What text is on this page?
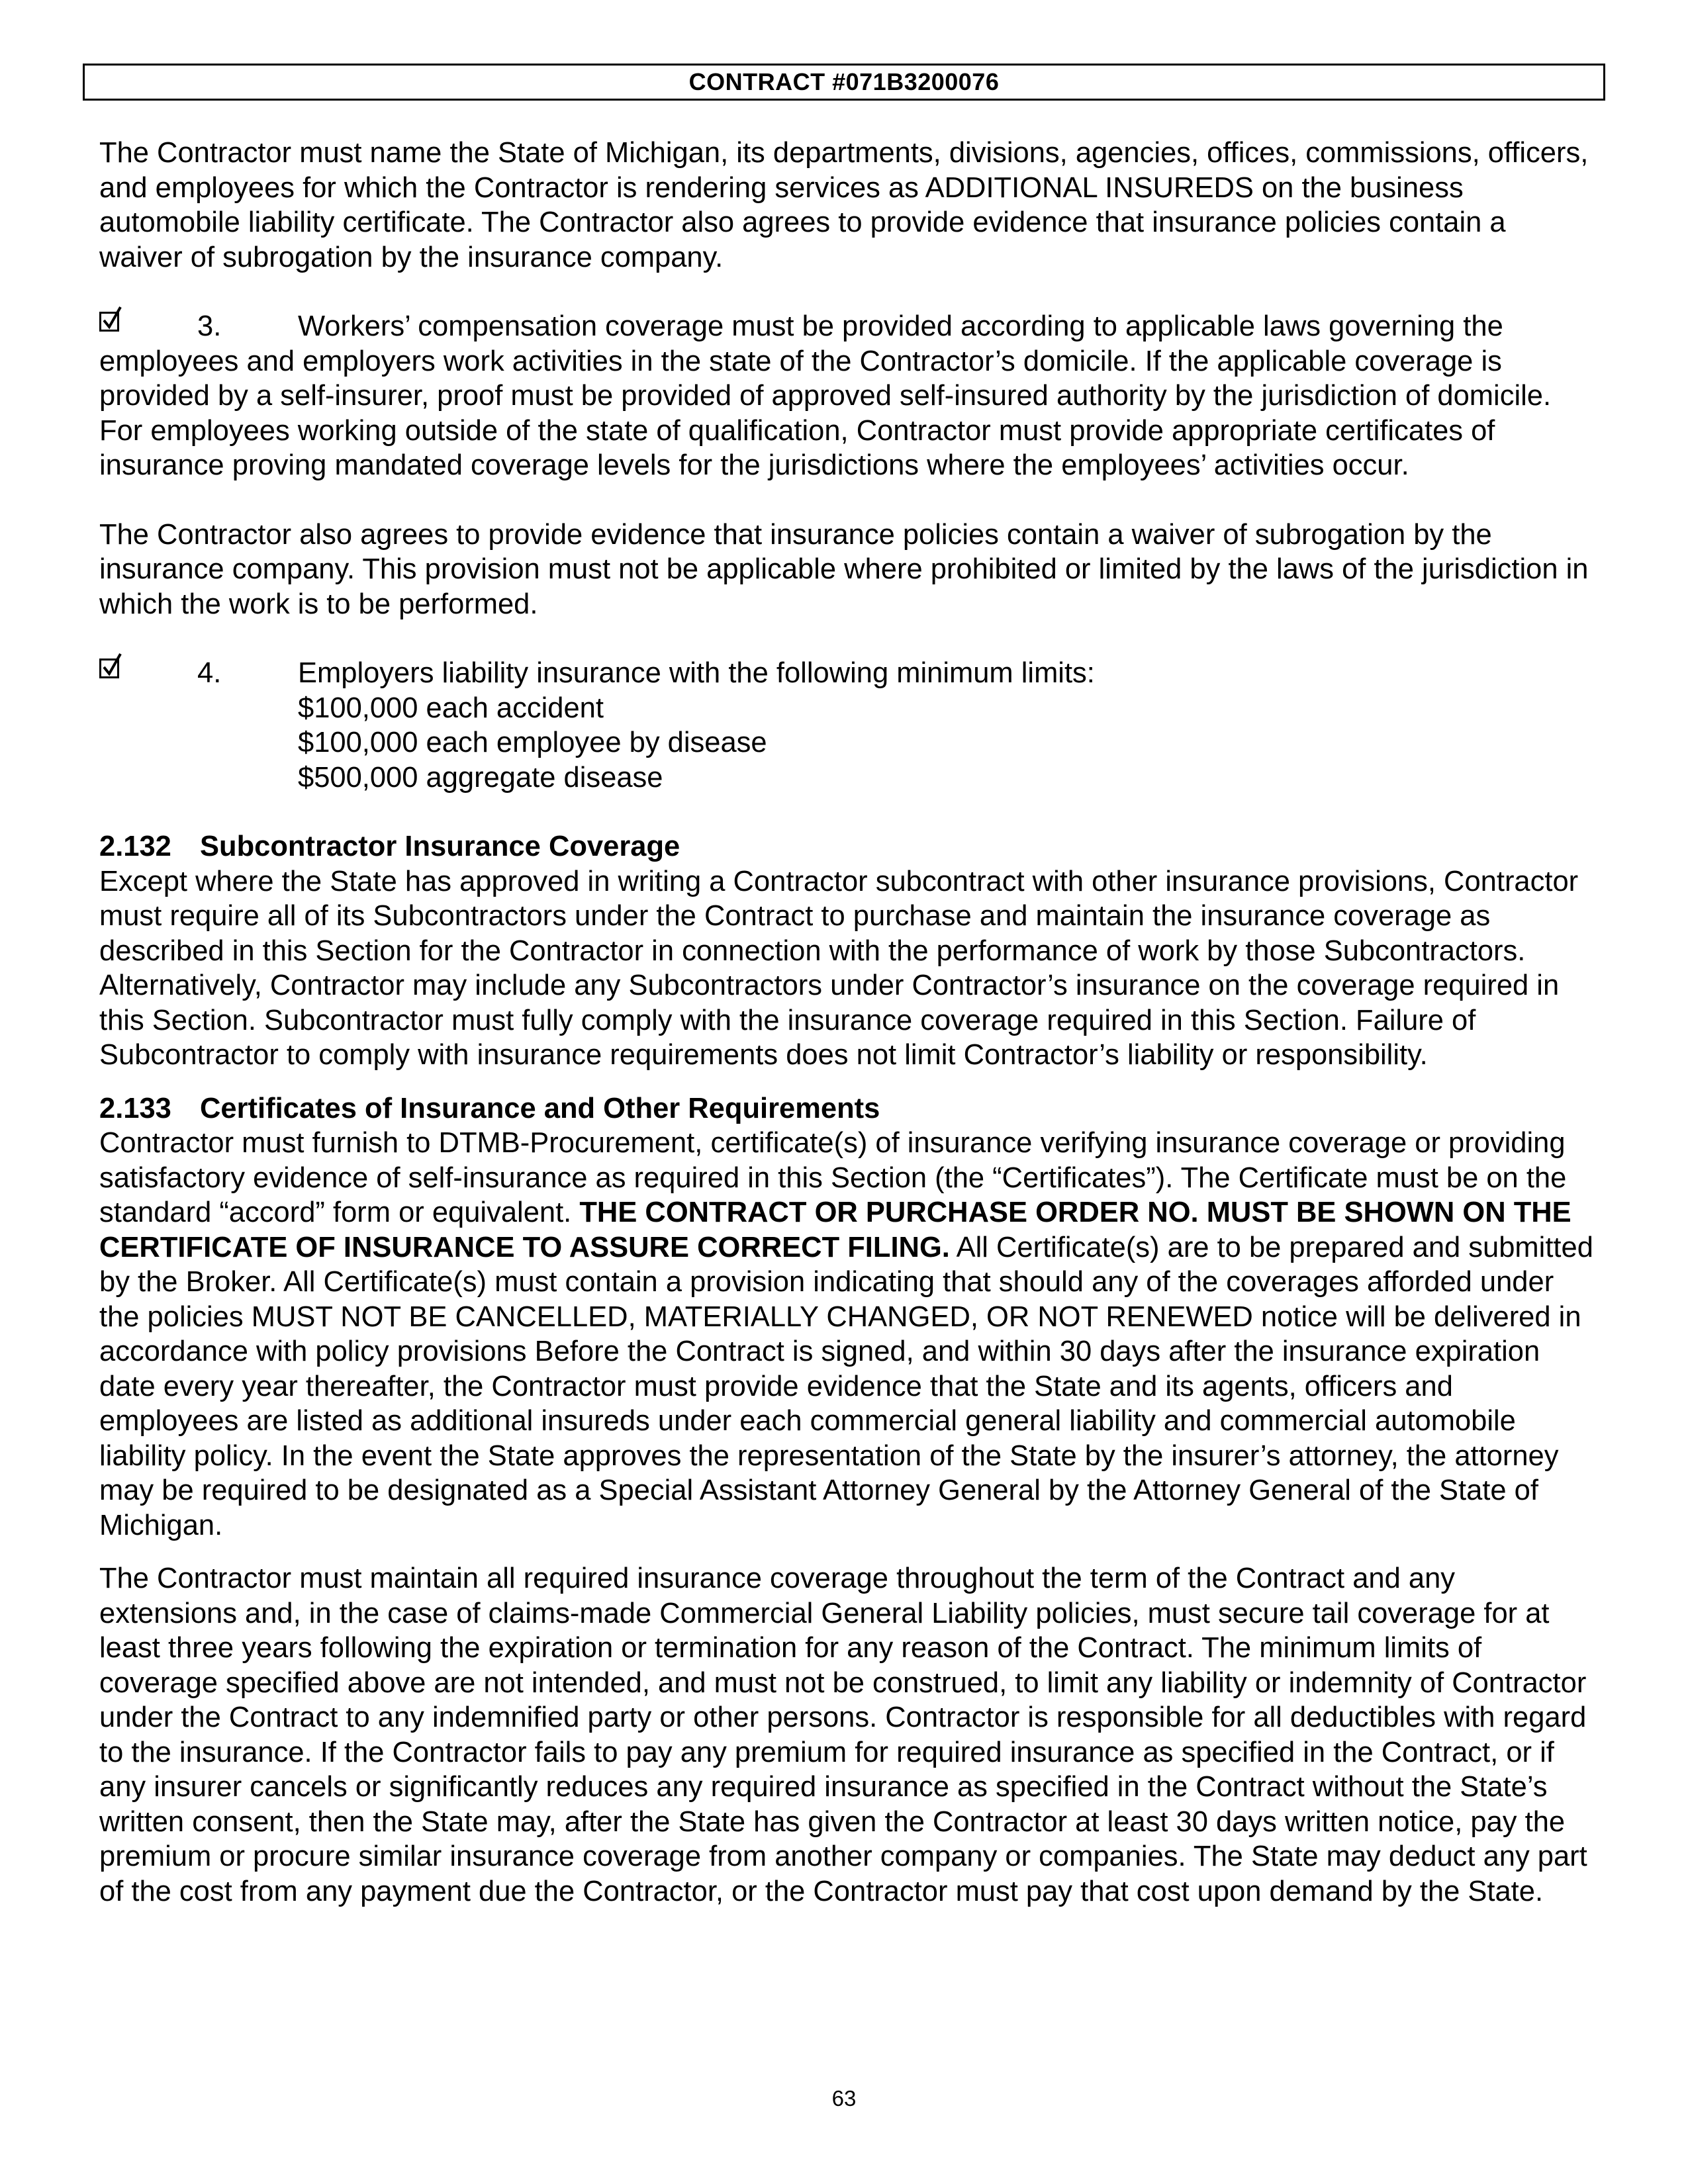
CONTRACT #071B3200076

The Contractor must name the State of Michigan, its departments, divisions, agencies, offices, commissions, officers, and employees for which the Contractor is rendering services as ADDITIONAL INSUREDS on the business automobile liability certificate. The Contractor also agrees to provide evidence that insurance policies contain a waiver of subrogation by the insurance company.

3.	Workers’ compensation coverage must be provided according to applicable laws governing the employees and employers work activities in the state of the Contractor’s domicile. If the applicable coverage is provided by a self-insurer, proof must be provided of approved self-insured authority by the jurisdiction of domicile. For employees working outside of the state of qualification, Contractor must provide appropriate certificates of insurance proving mandated coverage levels for the jurisdictions where the employees’ activities occur.

The Contractor also agrees to provide evidence that insurance policies contain a waiver of subrogation by the insurance company. This provision must not be applicable where prohibited or limited by the laws of the jurisdiction in which the work is to be performed.

4.	Employers liability insurance with the following minimum limits:

$100,000 each accident
$100,000 each employee by disease
$500,000 aggregate disease

2.132 Subcontractor Insurance Coverage

Except where the State has approved in writing a Contractor subcontract with other insurance provisions, Contractor must require all of its Subcontractors under the Contract to purchase and maintain the insurance coverage as described in this Section for the Contractor in connection with the performance of work by those Subcontractors. Alternatively, Contractor may include any Subcontractors under Contractor’s insurance on the coverage required in this Section. Subcontractor must fully comply with the insurance coverage required in this Section. Failure of Subcontractor to comply with insurance requirements does not limit Contractor’s liability or responsibility.

2.133 Certificates of Insurance and Other Requirements

Contractor must furnish to DTMB-Procurement, certificate(s) of insurance verifying insurance coverage or providing satisfactory evidence of self-insurance as required in this Section (the “Certificates”). The Certificate must be on the standard “accord” form or equivalent. THE CONTRACT OR PURCHASE ORDER NO. MUST BE SHOWN ON THE CERTIFICATE OF INSURANCE TO ASSURE CORRECT FILING. All Certificate(s) are to be prepared and submitted by the Broker. All Certificate(s) must contain a provision indicating that should any of the coverages afforded under the policies MUST NOT BE CANCELLED, MATERIALLY CHANGED, OR NOT RENEWED notice will be delivered in accordance with policy provisions Before the Contract is signed, and within 30 days after the insurance expiration date every year thereafter, the Contractor must provide evidence that the State and its agents, officers and employees are listed as additional insureds under each commercial general liability and commercial automobile liability policy. In the event the State approves the representation of the State by the insurer’s attorney, the attorney may be required to be designated as a Special Assistant Attorney General by the Attorney General of the State of Michigan.

The Contractor must maintain all required insurance coverage throughout the term of the Contract and any extensions and, in the case of claims-made Commercial General Liability policies, must secure tail coverage for at least three years following the expiration or termination for any reason of the Contract. The minimum limits of coverage specified above are not intended, and must not be construed, to limit any liability or indemnity of Contractor under the Contract to any indemnified party or other persons. Contractor is responsible for all deductibles with regard to the insurance. If the Contractor fails to pay any premium for required insurance as specified in the Contract, or if any insurer cancels or significantly reduces any required insurance as specified in the Contract without the State’s written consent, then the State may, after the State has given the Contractor at least 30 days written notice, pay the premium or procure similar insurance coverage from another company or companies. The State may deduct any part of the cost from any payment due the Contractor, or the Contractor must pay that cost upon demand by the State.

63
